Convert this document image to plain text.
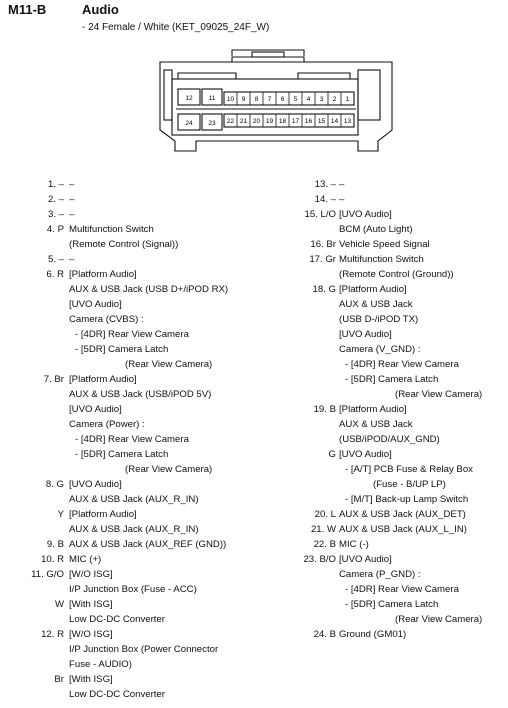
M11-B	Audio
- 24 Female / White (KET_09025_24F_W)
12 11
24 23
10
22
9
21
8
20
7
19
6
18
5
17
4
16
3
15
2
14
1
13
1. – –
2. – –
3. – –
4. P Multifunction Switch
(Remote Control (Signal))
5. – –
6. R [Platform Audio]
AUX & USB Jack (USB D+/iPOD RX)
[UVO Audio]
Camera (CVBS) :
- [4DR] Rear View Camera
- [5DR] Camera Latch
(Rear View Camera)
7. Br [Platform Audio]
AUX & USB Jack (USB/iPOD 5V)
[UVO Audio]
Camera (Power) :
- [4DR] Rear View Camera
- [5DR] Camera Latch
(Rear View Camera)
8. G [UVO Audio]
AUX & USB Jack (AUX_R_IN)
Y [Platform Audio]
AUX & USB Jack (AUX_R_IN)
9. B AUX & USB Jack (AUX_REF (GND))
10. R MIC (+)
11. G/O [W/O ISG]
I/P Junction Box (Fuse - ACC)
W [With ISG]
Low DC-DC Converter
12. R [W/O ISG]
I/P Junction Box (Power Connector
Fuse - AUDIO)
Br [With ISG]
Low DC-DC Converter
13. – –
14. – –
15. L/O [UVO Audio]
BCM (Auto Light)
16. Br Vehicle Speed Signal
17. Gr Multifunction Switch
(Remote Control (Ground))
18. G [Platform Audio]
AUX & USB Jack
(USB D-/iPOD TX)
[UVO Audio]
Camera (V_GND) :
- [4DR] Rear View Camera
- [5DR] Camera Latch
(Rear View Camera)
19. B [Platform Audio]
AUX & USB Jack
(USB/iPOD/AUX_GND)
G [UVO Audio]
- [A/T] PCB Fuse & Relay Box
(Fuse - B/UP LP)
- [M/T] Back-up Lamp Switch
20. L AUX & USB Jack (AUX_DET)
21. W AUX & USB Jack (AUX_L_IN)
22. B MIC (-)
23. B/O [UVO Audio]
Camera (P_GND) :
- [4DR] Rear View Camera
- [5DR] Camera Latch
(Rear View Camera)
24. B Ground (GM01)
